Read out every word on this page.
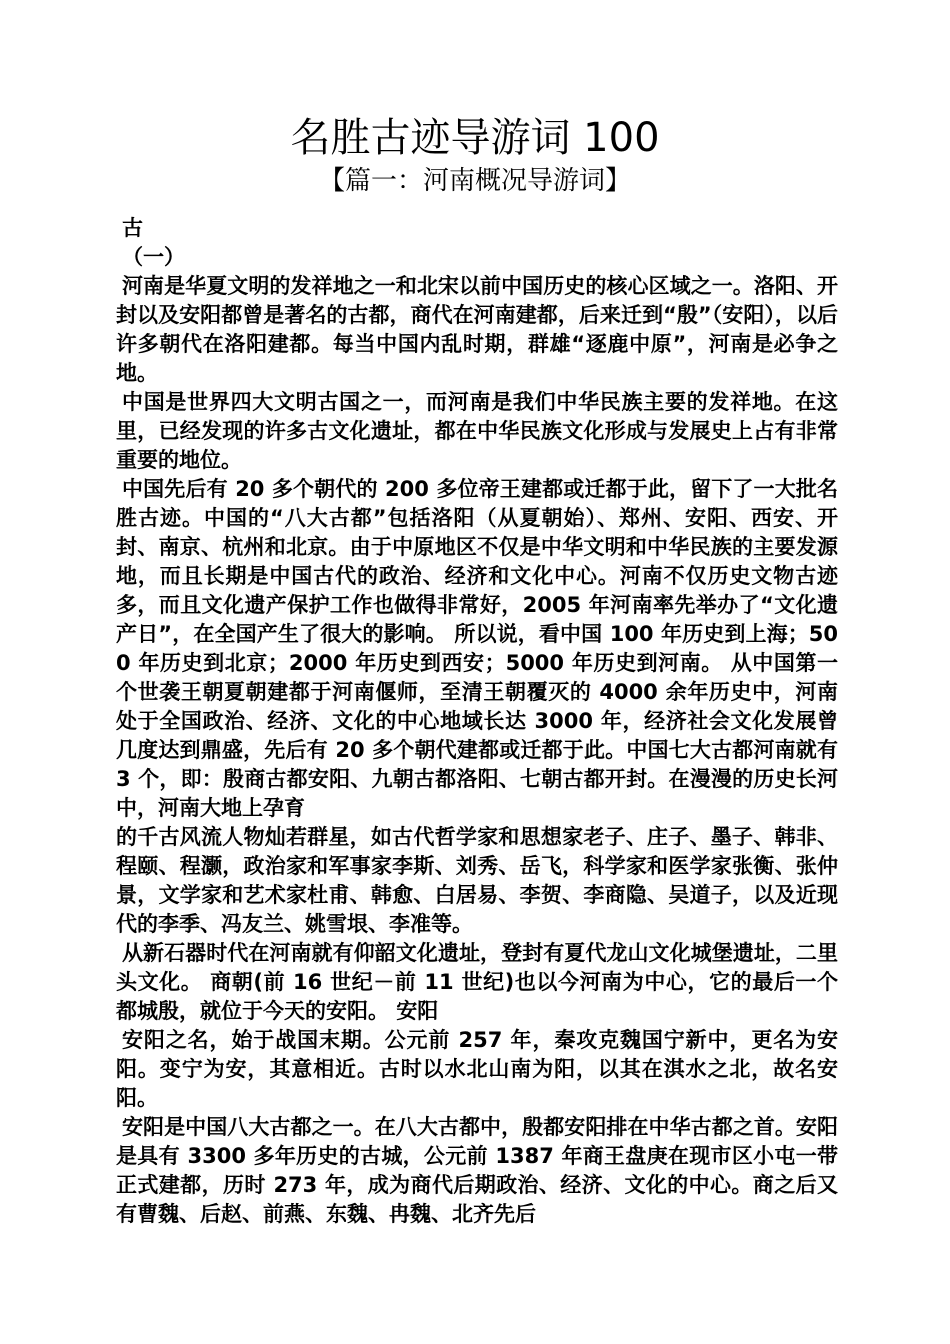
名胜古迹导游词 100
【篇一：河南概况导游词】

古

（一）

河南是华夏文明的发祥地之一和北宋以前中国历史的核心区域之一。洛阳、开封以及安阳都曾是著名的古都，商代在河南建都，后来迁到“殷”（安阳），以后许多朝代在洛阳建都。每当中国内乱时期，群雄“逐鹿中原”，河南是必争之地。

中国是世界四大文明古国之一，而河南是我们中华民族主要的发祥地。在这里，已经发现的许多古文化遗址，都在中华民族文化形成与发展史上占有非常重要的地位。

中国先后有 20 多个朝代的 200 多位帝王建都或迁都于此，留下了一大批名胜古迹。中国的“八大古都”包括洛阳（从夏朝始）、郑州、安阳、西安、开封、南京、杭州和北京。由于中原地区不仅是中华文明和中华民族的主要发源地，而且长期是中国古代的政治、经济和文化中心。河南不仅历史文物古迹多，而且文化遗产保护工作也做得非常好，2005 年河南率先举办了“文化遗产日”，在全国产生了很大的影响。 所以说，看中国 100 年历史到上海；500 年历史到北京；2000 年历史到西安；5000 年历史到河南。 从中国第一个世袭王朝夏朝建都于河南偃师，至清王朝覆灭的 4000 余年历史中，河南处于全国政治、经济、文化的中心地域长达 3000 年，经济社会文化发展曾几度达到鼎盛，先后有 20 多个朝代建都或迁都于此。中国七大古都河南就有 3 个，即：殷商古都安阳、九朝古都洛阳、七朝古都开封。在漫漫的历史长河中，河南大地上孕育

的千古风流人物灿若群星，如古代哲学家和思想家老子、庄子、墨子、韩非、程颐、程灏，政治家和军事家李斯、刘秀、岳飞，科学家和医学家张衡、张仲景，文学家和艺术家杜甫、韩愈、白居易、李贺、李商隐、吴道子，以及近现代的李季、冯友兰、姚雪垠、李准等。

从新石器时代在河南就有仰韶文化遗址，登封有夏代龙山文化城堡遗址，二里头文化。 商朝(前 16 世纪－前 11 世纪)也以今河南为中心，它的最后一个都城殷，就位于今天的安阳。 安阳

安阳之名，始于战国末期。公元前 257 年，秦攻克魏国宁新中，更名为安阳。变宁为安，其意相近。古时以水北山南为阳，以其在淇水之北，故名安阳。

安阳是中国八大古都之一。在八大古都中，殷都安阳排在中华古都之首。安阳是具有 3300 多年历史的古城，公元前 1387 年商王盘庚在现市区小屯一带正式建都，历时 273 年，成为商代后期政治、经济、文化的中心。商之后又有曹魏、后赵、前燕、东魏、冉魏、北齐先后
